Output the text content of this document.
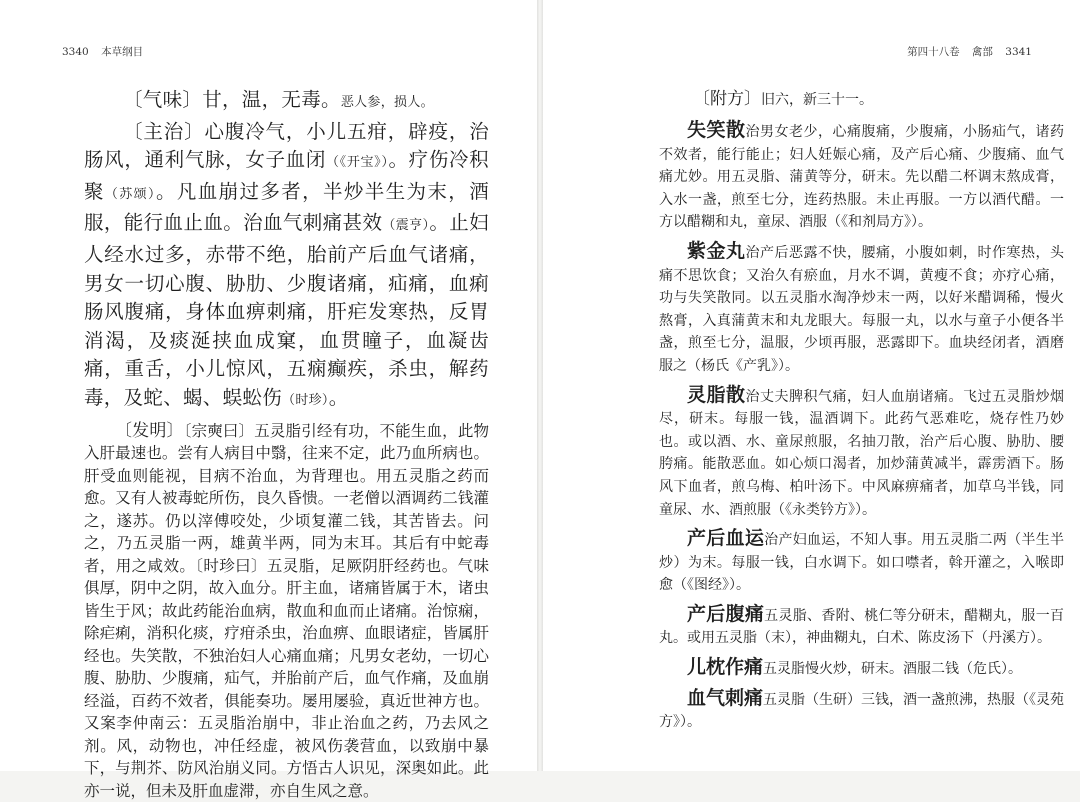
3340 本草纲目

〔气味〕甘，温，无毒。恶人参，损人。

〔主治〕心腹冷气，小儿五疳，辟疫，治肠风，通利气脉，女子血闭（《开宝》）。疗伤冷积聚（苏颂）。凡血崩过多者，半炒半生为末，酒服，能行血止血。治血气刺痛甚效（震亨）。止妇人经水过多，赤带不绝，胎前产后血气诸痛，男女一切心腹、胁肋、少腹诸痛，疝痛，血痢肠风腹痛，身体血痹刺痛，肝疟发寒热，反胃消渴，及痰涎挟血成窠，血贯瞳子，血凝齿痛，重舌，小儿惊风，五痫癫疾，杀虫，解药毒，及蛇、蝎、蜈蚣伤（时珍）。

〔发明〕〔宗奭曰〕五灵脂引经有功，不能生血，此物入肝最速也。尝有人病目中翳，往来不定，此乃血所病也。肝受血则能视，目病不治血，为背理也。用五灵脂之药而愈。又有人被毒蛇所伤，良久昏愦。一老僧以酒调药二钱灌之，遂苏。仍以滓傅咬处，少顷复灌二钱，其苦皆去。问之，乃五灵脂一两，雄黄半两，同为末耳。其后有中蛇毒者，用之咸效。〔时珍曰〕五灵脂，足厥阴肝经药也。气味俱厚，阴中之阴，故入血分。肝主血，诸痛皆属于木，诸虫皆生于风；故此药能治血病，散血和血而止诸痛。治惊痫，除疟痢，消积化痰，疗疳杀虫，治血痹、血眼诸症，皆属肝经也。失笑散，不独治妇人心痛血痛；凡男女老幼，一切心腹、胁肋、少腹痛，疝气，并胎前产后，血气作痛，及血崩经溢，百药不效者，俱能奏功。屡用屡验，真近世神方也。又案李仲南云：五灵脂治崩中，非止治血之药，乃去风之剂。风，动物也，冲任经虚，被风伤袭营血，以致崩中暴下，与荆芥、防风治崩义同。方悟古人识见，深奥如此。此亦一说，但未及肝血虚滞，亦自生风之意。

第四十八卷 禽部 3341

〔附方〕旧六，新三十一。

失笑散治男女老少，心痛腹痛，少腹痛，小肠疝气，诸药不效者，能行能止；妇人妊娠心痛，及产后心痛、少腹痛、血气痛尤妙。用五灵脂、蒲黄等分，研末。先以醋二杯调末熬成膏，入水一盏，煎至七分，连药热服。未止再服。一方以酒代醋。一方以醋糊和丸，童尿、酒服（《和剂局方》）。

紫金丸治产后恶露不快，腰痛，小腹如刺，时作寒热，头痛不思饮食；又治久有瘀血，月水不调，黄瘦不食；亦疗心痛，功与失笑散同。以五灵脂水淘净炒末一两，以好米醋调稀，慢火熬膏，入真蒲黄末和丸龙眼大。每服一丸，以水与童子小便各半盏，煎至七分，温服，少顷再服，恶露即下。血块经闭者，酒磨服之（杨氏《产乳》）。

灵脂散治丈夫脾积气痛，妇人血崩诸痛。飞过五灵脂炒烟尽，研末。每服一钱，温酒调下。此药气恶难吃，烧存性乃妙也。或以酒、水、童尿煎服，名抽刀散，治产后心腹、胁肋、腰胯痛。能散恶血。如心烦口渴者，加炒蒲黄减半，霹雳酒下。肠风下血者，煎乌梅、柏叶汤下。中风麻痹痛者，加草乌半钱，同童尿、水、酒煎服（《永类钤方》）。

产后血运治产妇血运，不知人事。用五灵脂二两（半生半炒）为末。每服一钱，白水调下。如口噤者，斡开灌之，入喉即愈（《图经》）。

产后腹痛五灵脂、香附、桃仁等分研末，醋糊丸，服一百丸。或用五灵脂（末），神曲糊丸，白术、陈皮汤下（丹溪方）。

儿枕作痛五灵脂慢火炒，研末。酒服二钱（危氏）。

血气刺痛五灵脂（生研）三钱，酒一盏煎沸，热服（《灵苑方》）。
